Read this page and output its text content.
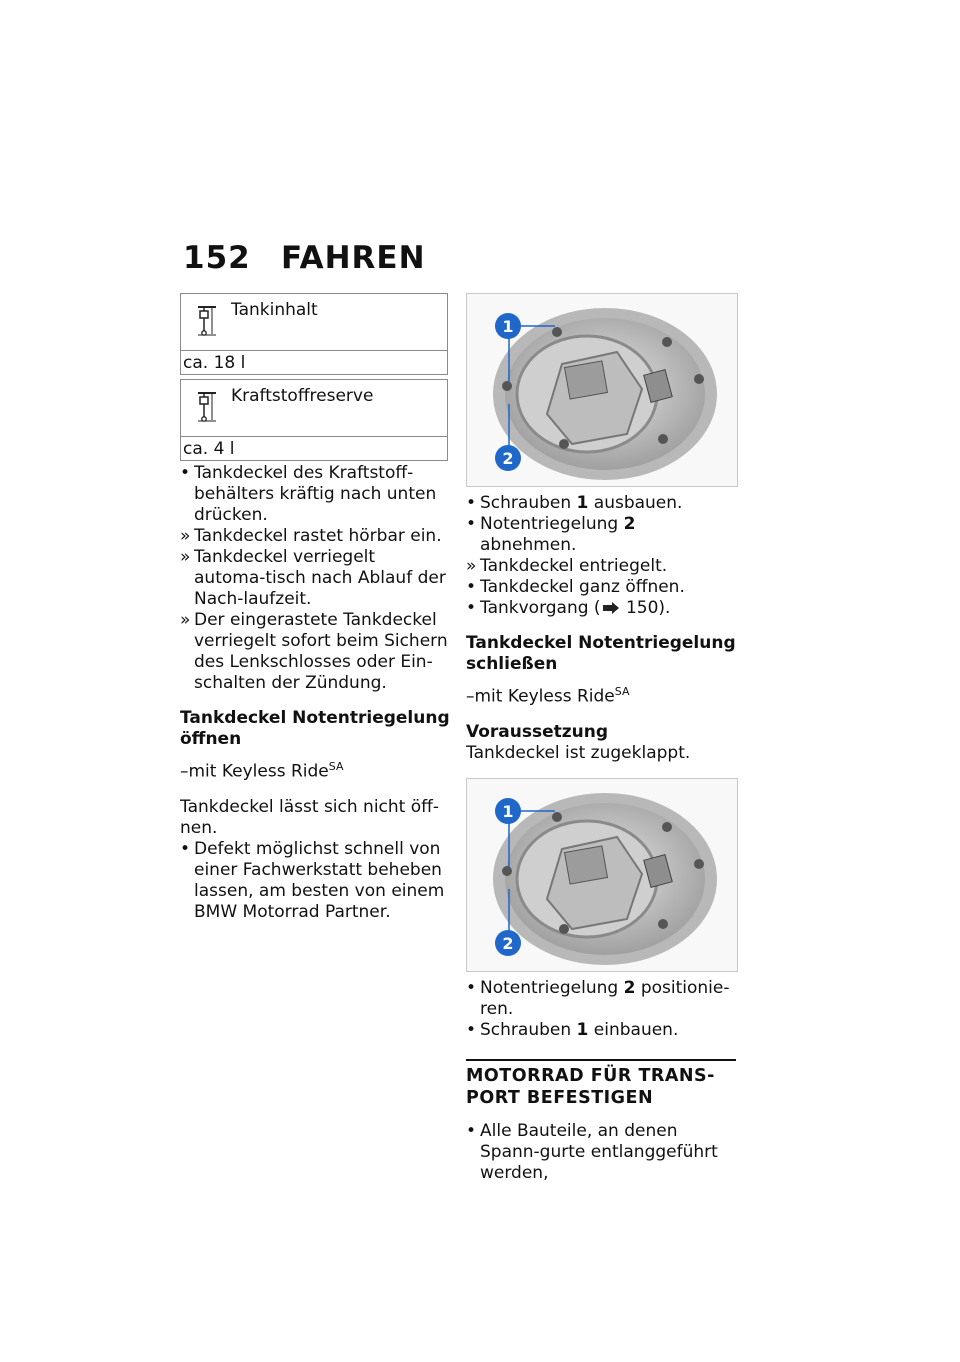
152 FAHREN
Tankinhalt
ca. 18 l
Kraftstoffreserve
ca. 4 l
• Tankdeckel des Kraftstoff-behälters kräftig nach unten drücken.
» Tankdeckel rastet hörbar ein.
» Tankdeckel verriegelt automa-tisch nach Ablauf der Nach-laufzeit.
» Der eingerastete Tankdeckel verriegelt sofort beim Sichern des Lenkschlosses oder Ein-schalten der Zündung.
Tankdeckel Notentriegelung öffnen

–mit Keyless Ride$^{SA}$

Tankdeckel lässt sich nicht öff-nen.

• Defekt möglichst schnell von einer Fachwerkstatt beheben lassen, am besten von einem BMW Motorrad Partner.
1
2
• Schrauben 1 ausbauen.
• Notentriegelung 2 abnehmen.
» Tankdeckel entriegelt.
• Tankdeckel ganz öffnen.
• Tankvorgang ( 150).
Tankdeckel Notentriegelung schließen

–mit Keyless Ride$^{SA}$

Voraussetzung

Tankdeckel ist zugeklappt.

1
2
• Notentriegelung 2 positionie-ren.
• Schrauben 1 einbauen.
MOTORRAD FÜR TRANS-PORT BEFESTIGEN
• Alle Bauteile, an denen Spann-gurte entlanggeführt werden,
